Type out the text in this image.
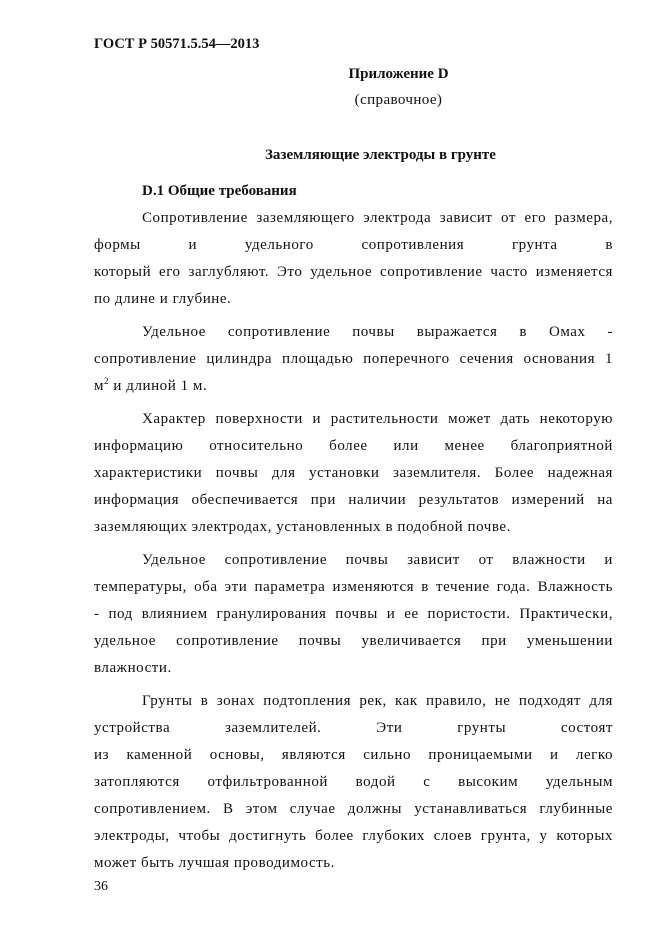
ГОСТ Р 50571.5.54—2013
Приложение D
(справочное)
Заземляющие электроды в грунте
D.1 Общие требования
Сопротивление заземляющего электрода зависит от его размера,
формы и удельного сопротивления грунта в
который его заглубляют. Это удельное сопротивление часто изменяется
по длине и глубине.
Удельное сопротивление почвы выражается в Омах -
сопротивление цилиндра площадью поперечного сечения основания 1
$м^2$ и длиной 1 м.
Характер поверхности и растительности может дать некоторую
информацию относительно более или менее благоприятной
характеристики почвы для установки заземлителя. Более надежная
информация обеспечивается при наличии результатов измерений на
заземляющих электродах, установленных в подобной почве.
Удельное сопротивление почвы зависит от влажности и
температуры, оба эти параметра изменяются в течение года. Влажность
- под влиянием гранулирования почвы и ее пористости. Практически,
удельное сопротивление почвы увеличивается при уменьшении
влажности.
Грунты в зонах подтопления рек, как правило, не подходят для
устройства заземлителей. Эти грунты состоят
из каменной основы, являются сильно проницаемыми и легко
затопляются отфильтрованной водой с высоким удельным
сопротивлением. В этом случае должны устанавливаться глубинные
электроды, чтобы достигнуть более глубоких слоев грунта, у которых
может быть лучшая проводимость.
36
